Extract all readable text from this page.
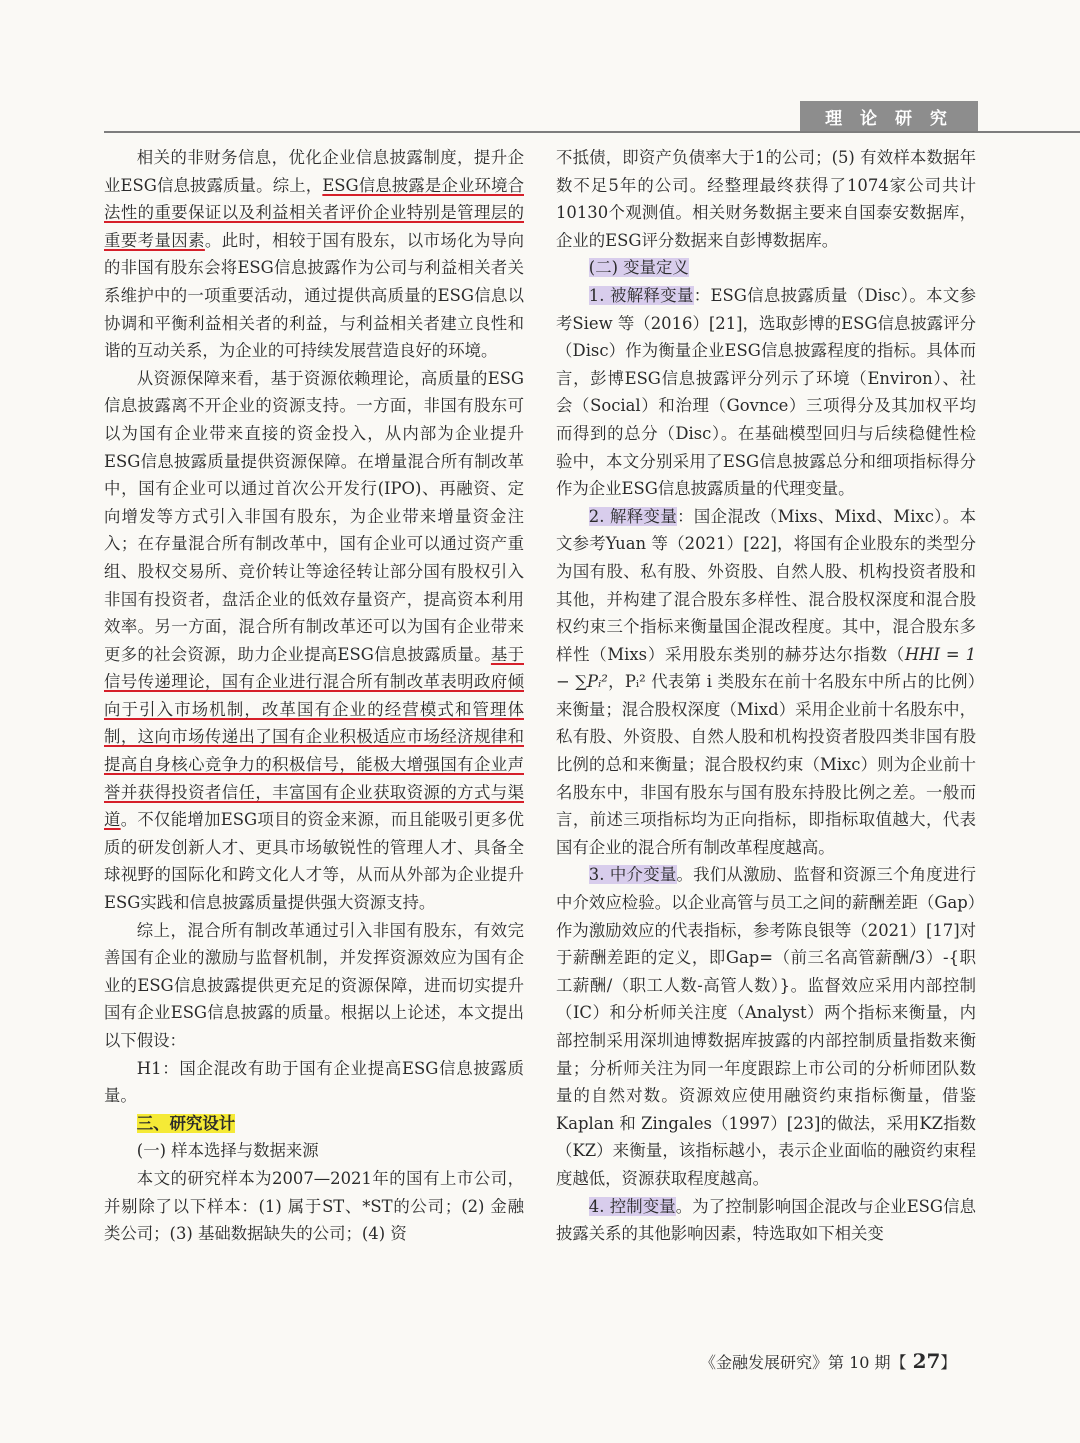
理 论 研 究

相关的非财务信息，优化企业信息披露制度，提升企业ESG信息披露质量。综上，ESG信息披露是企业环境合法性的重要保证以及利益相关者评价企业特别是管理层的重要考量因素。此时，相较于国有股东，以市场化为导向的非国有股东会将ESG信息披露作为公司与利益相关者关系维护中的一项重要活动，通过提供高质量的ESG信息以协调和平衡利益相关者的利益，与利益相关者建立良性和谐的互动关系，为企业的可持续发展营造良好的环境。

从资源保障来看，基于资源依赖理论，高质量的ESG信息披露离不开企业的资源支持。一方面，非国有股东可以为国有企业带来直接的资金投入，从内部为企业提升ESG信息披露质量提供资源保障。在增量混合所有制改革中，国有企业可以通过首次公开发行(IPO)、再融资、定向增发等方式引入非国有股东，为企业带来增量资金注入；在存量混合所有制改革中，国有企业可以通过资产重组、股权交易所、竞价转让等途径转让部分国有股权引入非国有投资者，盘活企业的低效存量资产，提高资本利用效率。另一方面，混合所有制改革还可以为国有企业带来更多的社会资源，助力企业提高ESG信息披露质量。基于信号传递理论，国有企业进行混合所有制改革表明政府倾向于引入市场机制，改革国有企业的经营模式和管理体制，这向市场传递出了国有企业积极适应市场经济规律和提高自身核心竞争力的积极信号，能极大增强国有企业声誉并获得投资者信任，丰富国有企业获取资源的方式与渠道。不仅能增加ESG项目的资金来源，而且能吸引更多优质的研发创新人才、更具市场敏锐性的管理人才、具备全球视野的国际化和跨文化人才等，从而从外部为企业提升ESG实践和信息披露质量提供强大资源支持。

综上，混合所有制改革通过引入非国有股东，有效完善国有企业的激励与监督机制，并发挥资源效应为国有企业的ESG信息披露提供更充足的资源保障，进而切实提升国有企业ESG信息披露的质量。根据以上论述，本文提出以下假设：

H1：国企混改有助于国有企业提高ESG信息披露质量。

三、研究设计

(一) 样本选择与数据来源

本文的研究样本为2007—2021年的国有上市公司，并剔除了以下样本：(1) 属于ST、*ST的公司；(2) 金融类公司；(3) 基础数据缺失的公司；(4) 资

不抵债，即资产负债率大于1的公司；(5) 有效样本数据年数不足5年的公司。经整理最终获得了1074家公司共计10130个观测值。相关财务数据主要来自国泰安数据库，企业的ESG评分数据来自彭博数据库。

(二) 变量定义

1. 被解释变量：ESG信息披露质量（Disc）。本文参考Siew 等（2016）[21]，选取彭博的ESG信息披露评分（Disc）作为衡量企业ESG信息披露程度的指标。具体而言，彭博ESG信息披露评分列示了环境（Environ）、社会（Social）和治理（Govnce）三项得分及其加权平均而得到的总分（Disc）。在基础模型回归与后续稳健性检验中，本文分别采用了ESG信息披露总分和细项指标得分作为企业ESG信息披露质量的代理变量。

2. 解释变量：国企混改（Mixs、Mixd、Mixc）。本文参考Yuan 等（2021）[22]，将国有企业股东的类型分为国有股、私有股、外资股、自然人股、机构投资者股和其他，并构建了混合股东多样性、混合股权深度和混合股权约束三个指标来衡量国企混改程度。其中，混合股东多样性（Mixs）采用股东类别的赫芬达尔指数（HHI = 1 − ∑Pᵢ²，Pᵢ² 代表第 i 类股东在前十名股东中所占的比例）来衡量；混合股权深度（Mixd）采用企业前十名股东中，私有股、外资股、自然人股和机构投资者股四类非国有股比例的总和来衡量；混合股权约束（Mixc）则为企业前十名股东中，非国有股东与国有股东持股比例之差。一般而言，前述三项指标均为正向指标，即指标取值越大，代表国有企业的混合所有制改革程度越高。

3. 中介变量。我们从激励、监督和资源三个角度进行中介效应检验。以企业高管与员工之间的薪酬差距（Gap）作为激励效应的代表指标，参考陈良银等（2021）[17]对于薪酬差距的定义，即Gap=（前三名高管薪酬/3）-{职工薪酬/（职工人数-高管人数）}。监督效应采用内部控制（IC）和分析师关注度（Analyst）两个指标来衡量，内部控制采用深圳迪博数据库披露的内部控制质量指数来衡量；分析师关注为同一年度跟踪上市公司的分析师团队数量的自然对数。资源效应使用融资约束指标衡量，借鉴Kaplan 和 Zingales（1997）[23]的做法，采用KZ指数（KZ）来衡量，该指标越小，表示企业面临的融资约束程度越低，资源获取程度越高。

4. 控制变量。为了控制影响国企混改与企业ESG信息披露关系的其他影响因素，特选取如下相关变

《金融发展研究》第 10 期【 27】
